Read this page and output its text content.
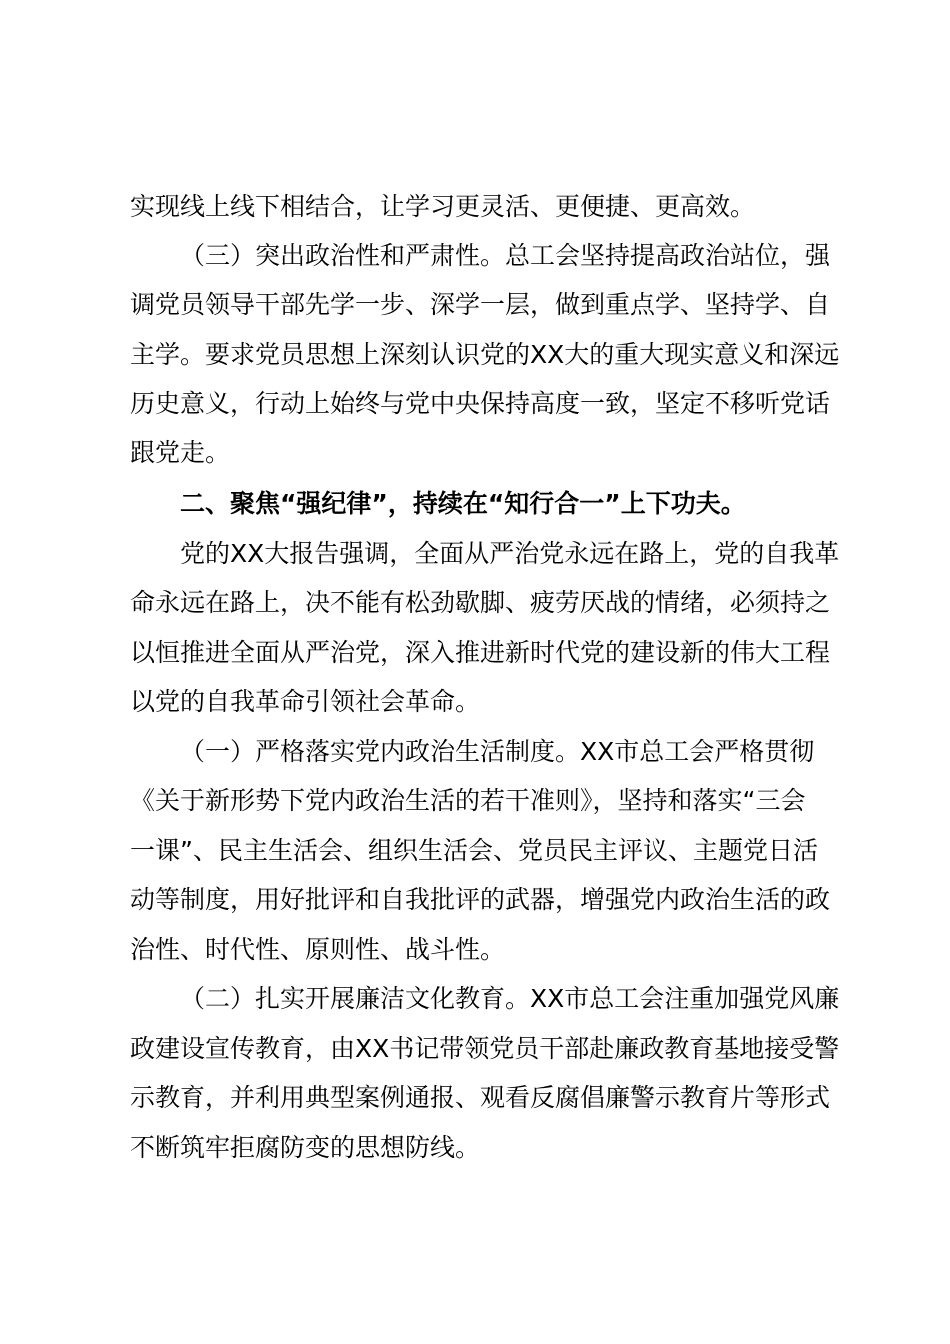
实现线上线下相结合，让学习更灵活、更便捷、更高效。
（三）突出政治性和严肃性。总工会坚持提高政治站位，强
调党员领导干部先学一步、深学一层，做到重点学、坚持学、自
主学。要求党员思想上深刻认识党的XX大的重大现实意义和深远
历史意义，行动上始终与党中央保持高度一致，坚定不移听党话
跟党走。
二、聚焦“强纪律”，持续在“知行合一”上下功夫。
党的XX大报告强调，全面从严治党永远在路上，党的自我革
命永远在路上，决不能有松劲歇脚、疲劳厌战的情绪，必须持之
以恒推进全面从严治党，深入推进新时代党的建设新的伟大工程
以党的自我革命引领社会革命。
（一）严格落实党内政治生活制度。XX市总工会严格贯彻
《关于新形势下党内政治生活的若干准则》，坚持和落实“三会
一课”、民主生活会、组织生活会、党员民主评议、主题党日活
动等制度，用好批评和自我批评的武器，增强党内政治生活的政
治性、时代性、原则性、战斗性。
（二）扎实开展廉洁文化教育。XX市总工会注重加强党风廉
政建设宣传教育，由XX书记带领党员干部赴廉政教育基地接受警
示教育，并利用典型案例通报、观看反腐倡廉警示教育片等形式
不断筑牢拒腐防变的思想防线。
